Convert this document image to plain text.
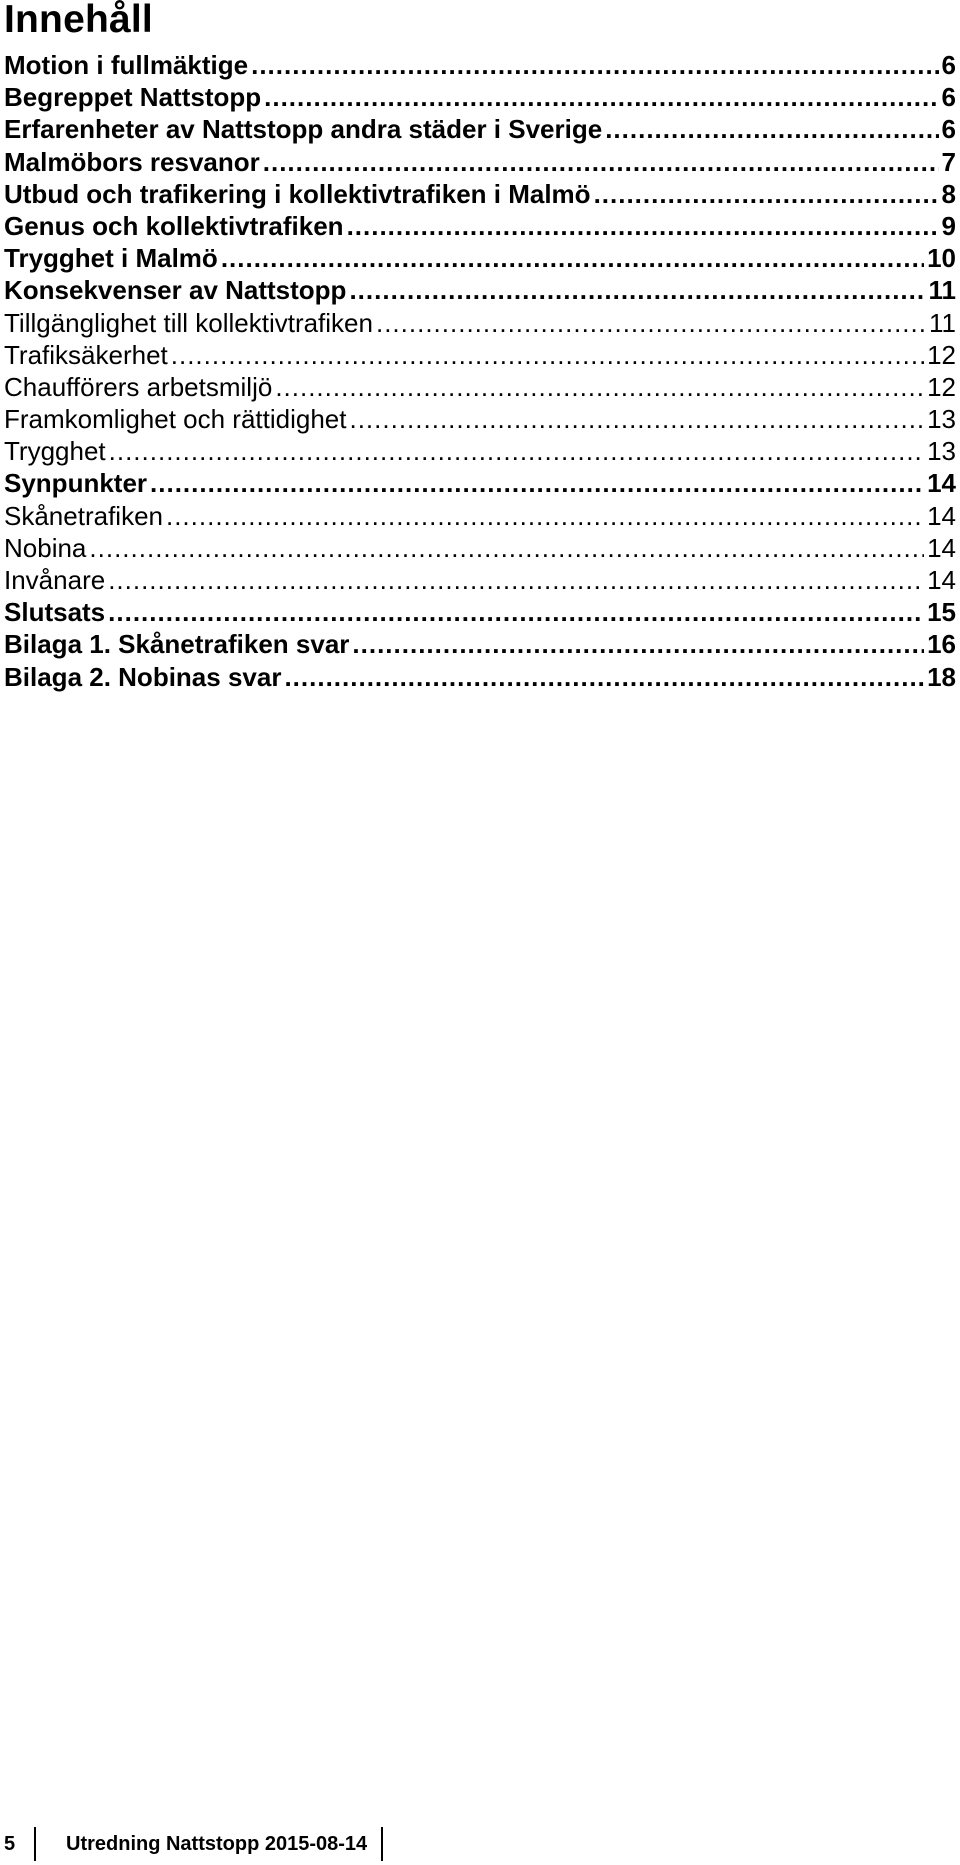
Innehåll
Motion i fullmäktige .....	6
Begreppet Nattstopp .....	6
Erfarenheter av Nattstopp andra städer i Sverige .....	6
Malmöbors resvanor .....	7
Utbud och trafikering i kollektivtrafiken i Malmö .....	8
Genus och kollektivtrafiken .....	9
Trygghet i Malmö .....	10
Konsekvenser av Nattstopp .....	11
Tillgänglighet till kollektivtrafiken .....	11
Trafiksäkerhet .....	12
Chaufförers arbetsmiljö .....	12
Framkomlighet och rättidighet .....	13
Trygghet .....	13
Synpunkter .....	14
Skånetrafiken .....	14
Nobina .....	14
Invånare .....	14
Slutsats .....	15
Bilaga 1. Skånetrafiken svar .....	16
Bilaga 2. Nobinas svar .....	18
5	Utredning Nattstopp 2015-08-14
